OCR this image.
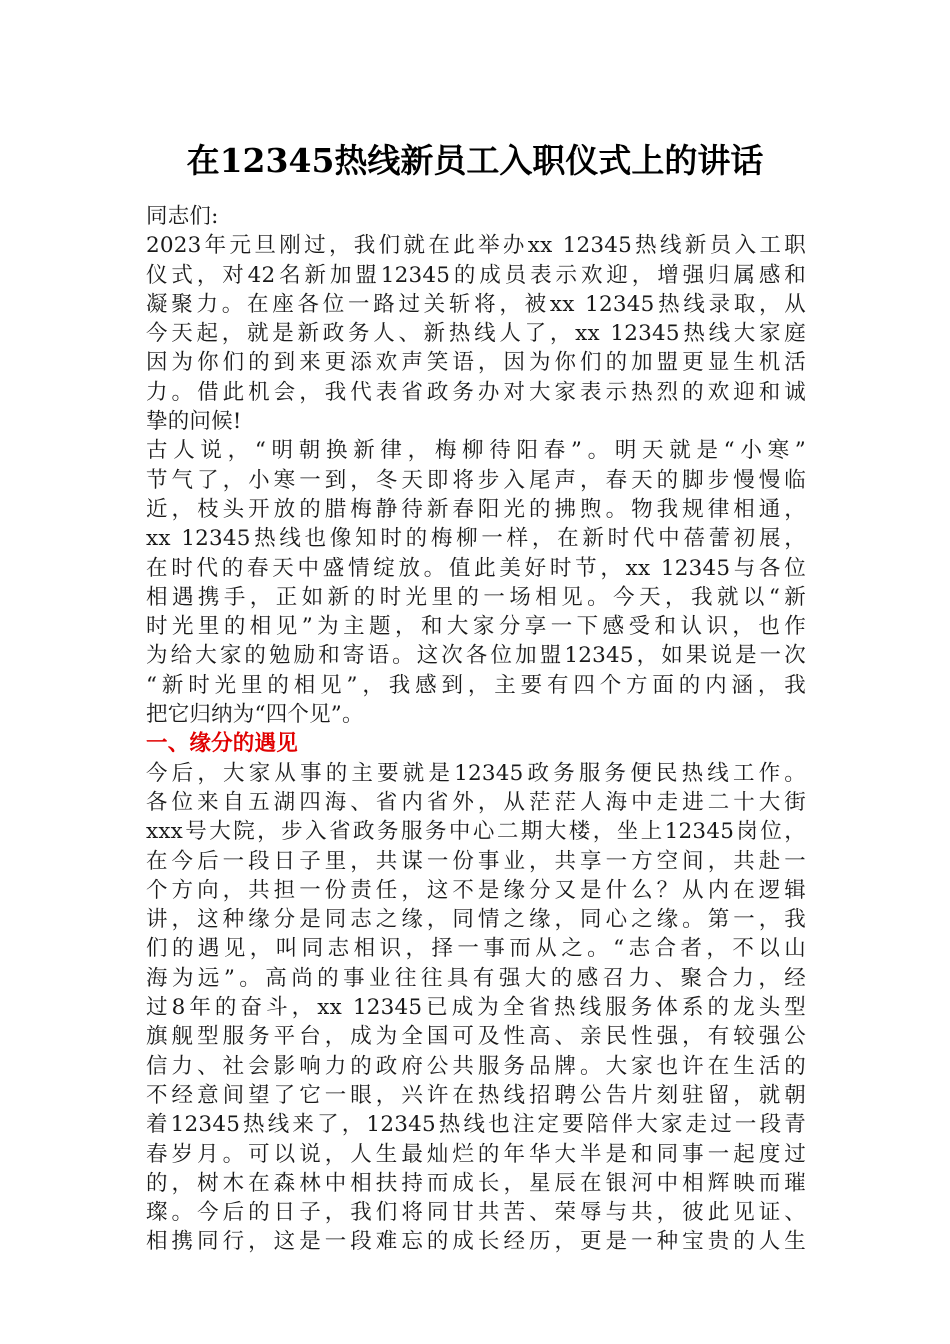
在12345热线新员工入职仪式上的讲话
同志们:
2023年元旦刚过，我们就在此举办xx 12345热线新员入工职
仪式，对42名新加盟12345的成员表示欢迎，增强归属感和
凝聚力。在座各位一路过关斩将，被xx 12345热线录取，从
今天起，就是新政务人、新热线人了，xx 12345热线大家庭
因为你们的到来更添欢声笑语，因为你们的加盟更显生机活
力。借此机会，我代表省政务办对大家表示热烈的欢迎和诚
挚的问候!
古人说，“明朝换新律，梅柳待阳春”。明天就是“小寒”
节气了，小寒一到，冬天即将步入尾声，春天的脚步慢慢临
近，枝头开放的腊梅静待新春阳光的拂煦。物我规律相通，
xx 12345热线也像知时的梅柳一样，在新时代中蓓蕾初展，
在时代的春天中盛情绽放。值此美好时节，xx 12345与各位
相遇携手，正如新的时光里的一场相见。今天，我就以“新
时光里的相见”为主题，和大家分享一下感受和认识，也作
为给大家的勉励和寄语。这次各位加盟12345，如果说是一次
“新时光里的相见”，我感到，主要有四个方面的内涵，我
把它归纳为“四个见”。
一、缘分的遇见
今后，大家从事的主要就是12345政务服务便民热线工作。
各位来自五湖四海、省内省外，从茫茫人海中走进二十大街
xxx号大院，步入省政务服务中心二期大楼，坐上12345岗位，
在今后一段日子里，共谋一份事业，共享一方空间，共赴一
个方向，共担一份责任，这不是缘分又是什么？从内在逻辑
讲，这种缘分是同志之缘，同情之缘，同心之缘。第一，我
们的遇见，叫同志相识，择一事而从之。“志合者，不以山
海为远”。高尚的事业往往具有强大的感召力、聚合力，经
过8年的奋斗，xx 12345已成为全省热线服务体系的龙头型
旗舰型服务平台，成为全国可及性高、亲民性强，有较强公
信力、社会影响力的政府公共服务品牌。大家也许在生活的
不经意间望了它一眼，兴许在热线招聘公告片刻驻留，就朝
着12345热线来了，12345热线也注定要陪伴大家走过一段青
春岁月。可以说，人生最灿烂的年华大半是和同事一起度过
的，树木在森林中相扶持而成长，星辰在银河中相辉映而璀
璨。今后的日子，我们将同甘共苦、荣辱与共，彼此见证、
相携同行，这是一段难忘的成长经历，更是一种宝贵的人生
